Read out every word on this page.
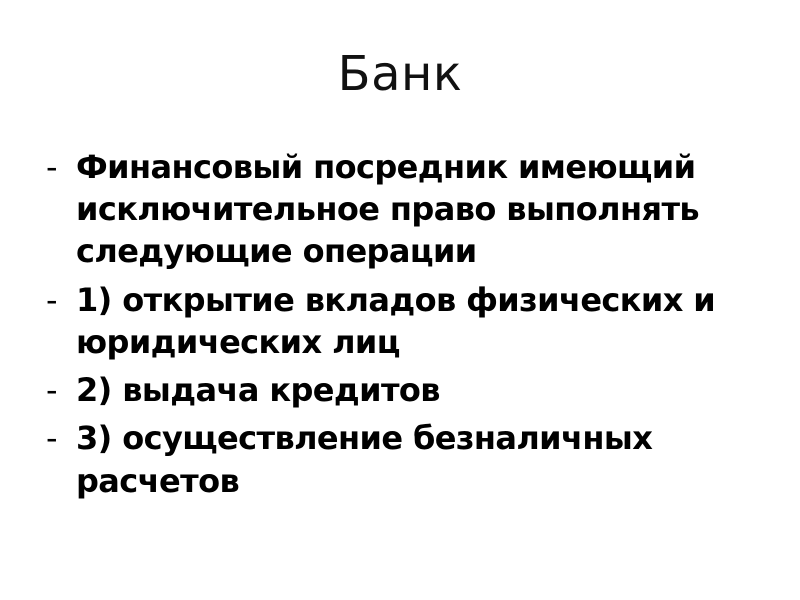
Банк
- Финансовый посредник имеющий исключительное право выполнять следующие операции
- 1) открытие вкладов физических и юридических лиц
- 2) выдача кредитов
- 3) осуществление безналичных расчетов
